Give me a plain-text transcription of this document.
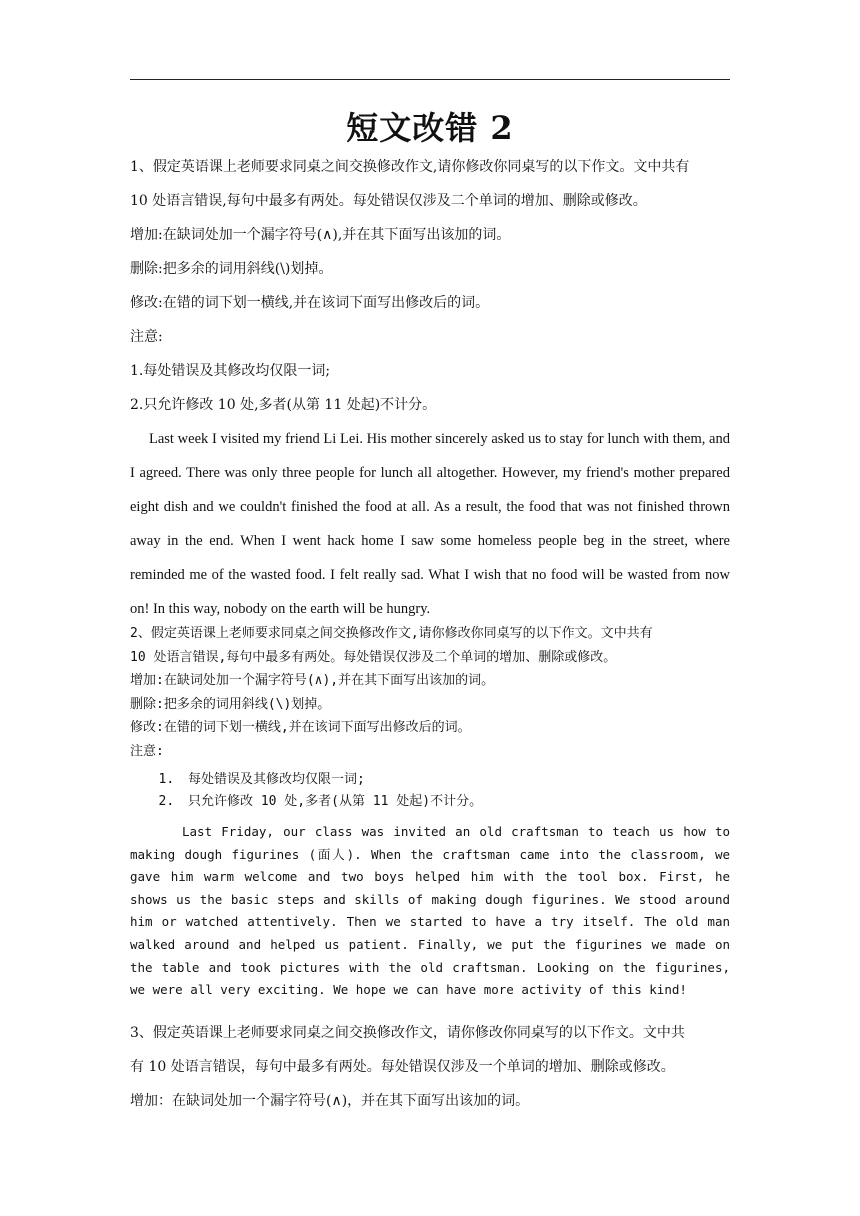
短文改错 2

1、假定英语课上老师要求同桌之间交换修改作文,请你修改你同桌写的以下作文。文中共有

10 处语言错误,每句中最多有两处。每处错误仅涉及二个单词的增加、删除或修改。

增加:在缺词处加一个漏字符号(∧),并在其下面写出该加的词。

删除:把多余的词用斜线(\)划掉。

修改:在错的词下划一横线,并在该词下面写出修改后的词。

注意:

1.每处错误及其修改均仅限一词;

2.只允许修改 10 处,多者(从第 11 处起)不计分。

Last week I visited my friend Li Lei. His mother sincerely asked us to stay for lunch with them, and I agreed. There was only three people for lunch all altogether. However, my friend's mother prepared eight dish and we couldn't finished the food at all. As a result, the food that was not finished thrown away in the end. When I went hack home I saw some homeless people beg in the street, where reminded me of the wasted food. I felt really sad. What I wish that no food will be wasted from now on! In this way, nobody on the earth will be hungry.

2、假定英语课上老师要求同桌之间交换修改作文,请你修改你同桌写的以下作文。文中共有

10 处语言错误,每句中最多有两处。每处错误仅涉及二个单词的增加、删除或修改。

增加:在缺词处加一个漏字符号(∧),并在其下面写出该加的词。

删除:把多余的词用斜线(\)划掉。

修改:在错的词下划一横线,并在该词下面写出修改后的词。

注意:

1. 每处错误及其修改均仅限一词;
2. 只允许修改 10 处,多者(从第 11 处起)不计分。

Last Friday, our class was invited an old craftsman to teach us how to making dough figurines (面人). When the craftsman came into the classroom, we gave him warm welcome and two boys helped him with the tool box. First, he shows us the basic steps and skills of making dough figurines. We stood around him or watched attentively. Then we started to have a try itself. The old man walked around and helped us patient. Finally, we put the figurines we made on the table and took pictures with the old craftsman. Looking on the figurines, we were all very exciting. We hope we can have more activity of this kind!

3、假定英语课上老师要求同桌之间交换修改作文，请你修改你同桌写的以下作文。文中共

有 10 处语言错误，每句中最多有两处。每处错误仅涉及一个单词的增加、删除或修改。

增加：在缺词处加一个漏字符号(∧)，并在其下面写出该加的词。
